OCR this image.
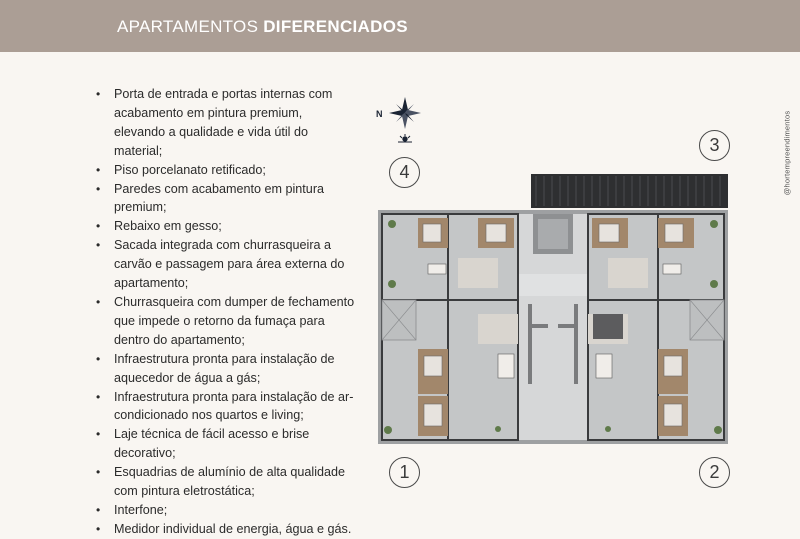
APARTAMENTOS DIFERENCIADOS
• Porta de entrada e portas internas com acabamento em pintura premium, elevando a qualidade e vida útil do material;
• Piso porcelanato retificado;
• Paredes com acabamento em pintura premium;
• Rebaixo em gesso;
• Sacada integrada com churrasqueira a carvão e passagem para área externa do apartamento;
• Churrasqueira com dumper de fechamento que impede o retorno da fumaça para dentro do apartamento;
• Infraestrutura pronta para instalação de aquecedor de água a gás;
• Infraestrutura pronta para instalação de ar-condicionado nos quartos e living;
• Laje técnica de fácil acesso e brise decorativo;
• Esquadrias de alumínio de alta qualidade com pintura eletrostática;
• Interfone;
• Medidor individual de energia, água e gás.
N
4
3
1	2
@hortempreendimentos
